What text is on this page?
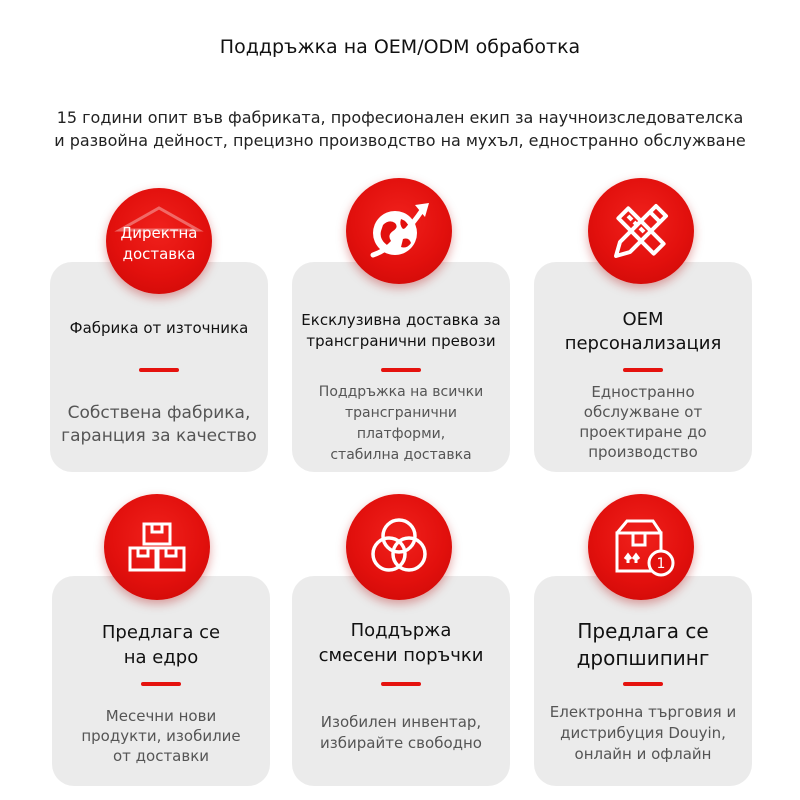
Поддръжка на OEM/ODM обработка
15 години опит във фабриката, професионален екип за научноизследователска
и развойна дейност, прецизно производство на мухъл, едностранно обслужване
Фабрика от източника
Собствена фабрика,
гаранция за качество
Директна
доставка
Ексклузивна доставка за
трансгранични превози
Поддръжка на всички
трансгранични
платформи,
стабилна доставка
OEM
персонализация
Едностранно
обслужване от
проектиране до
производство
Предлага се
на едро
Месечни нови
продукти, изобилие
от доставки
Поддържа
смесени поръчки
Изобилен инвентар,
избирайте свободно
Предлага се
дропшипинг
Електронна търговия и
дистрибуция Douyin,
онлайн и офлайн
1
